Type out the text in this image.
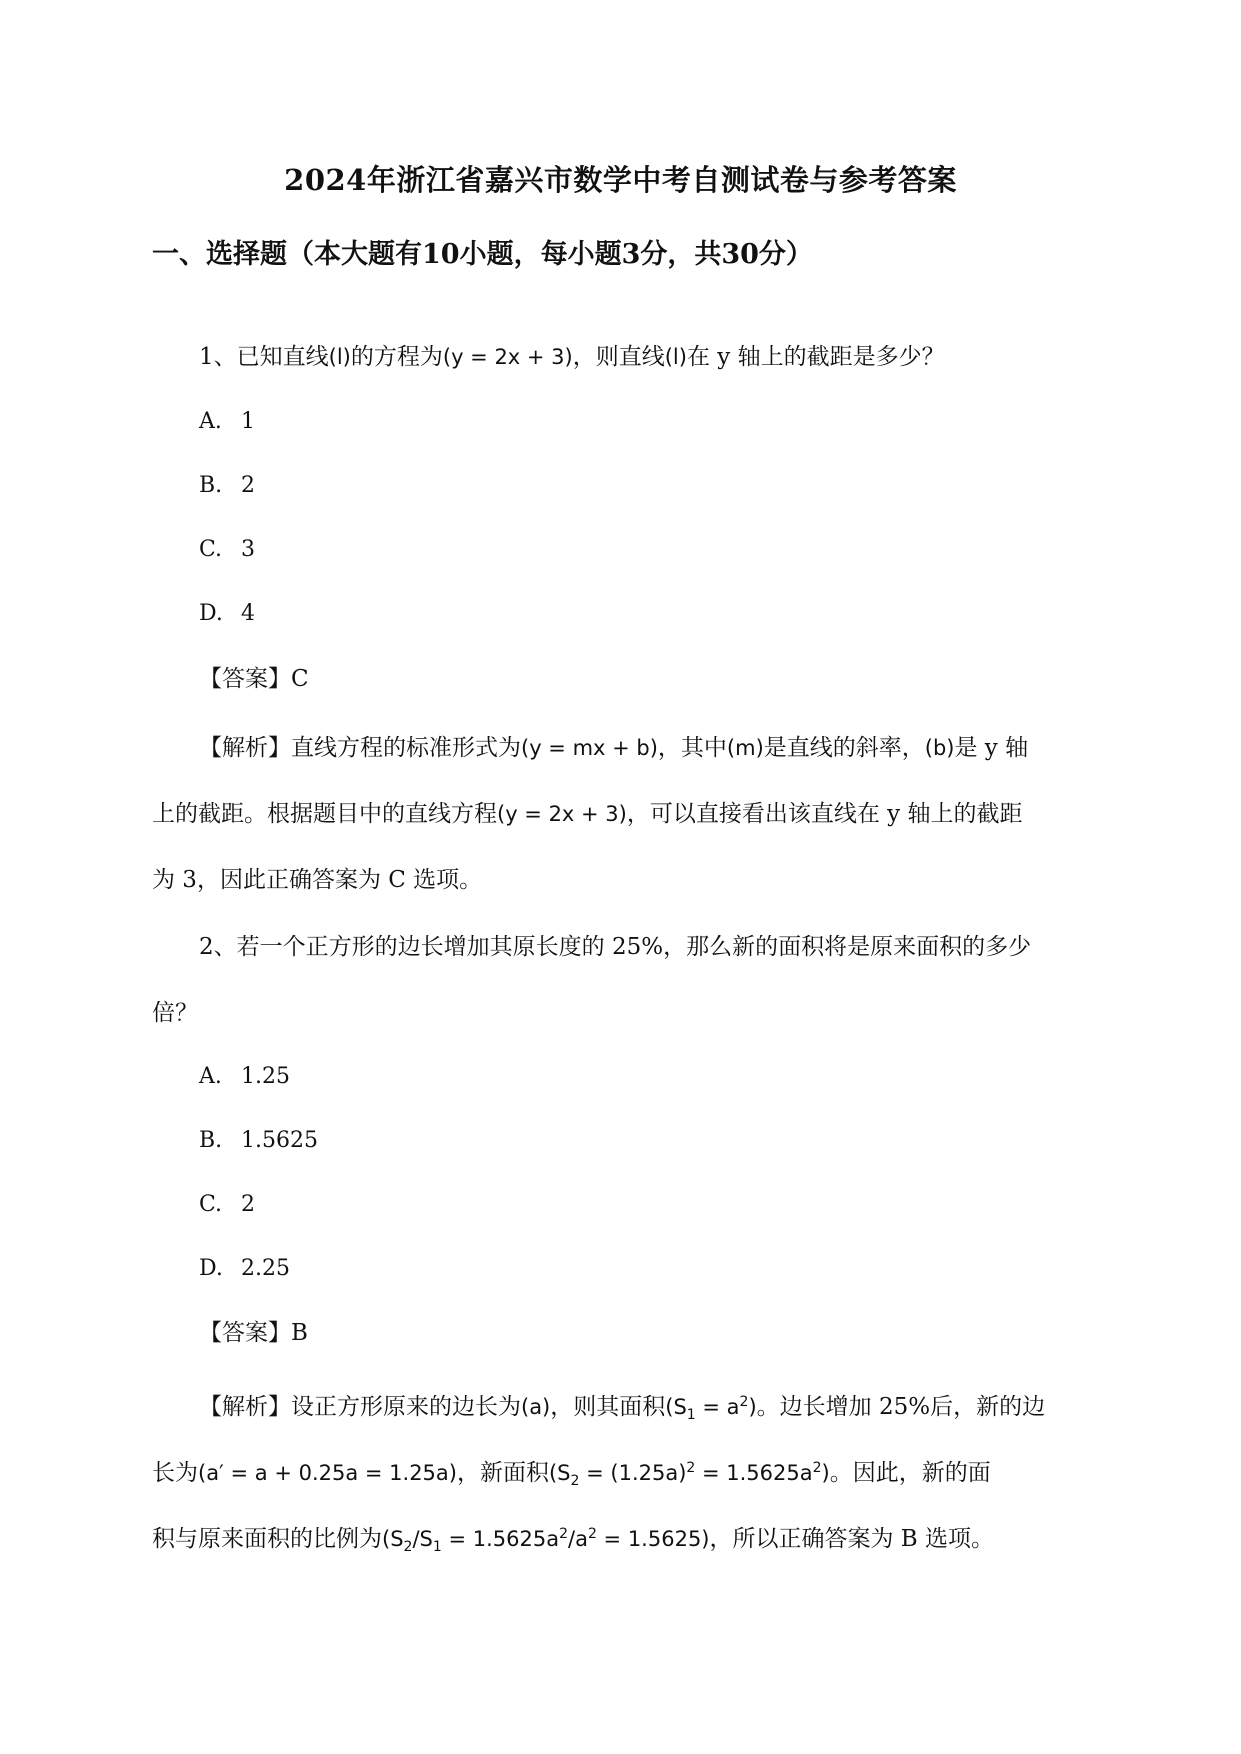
2024年浙江省嘉兴市数学中考自测试卷与参考答案
一、选择题（本大题有10小题，每小题3分，共30分）
1、已知直线(l)的方程为(y = 2x + 3)，则直线(l)在 y 轴上的截距是多少？
A. 1
B. 2
C. 3
D. 4
【答案】C
【解析】直线方程的标准形式为(y = mx + b)，其中(m)是直线的斜率，(b)是 y 轴
上的截距。根据题目中的直线方程(y = 2x + 3)，可以直接看出该直线在 y 轴上的截距
为 3，因此正确答案为 C 选项。
2、若一个正方形的边长增加其原长度的 25%，那么新的面积将是原来面积的多少
倍？
A. 1.25
B. 1.5625
C. 2
D. 2.25
【答案】B
【解析】设正方形原来的边长为(a)，则其面积$(S_1 = a^2)$。边长增加 25%后，新的边
长为(a′ = a + 0.25a = 1.25a)，新面积$(S_2 = (1.25a)^2 = 1.5625a^2)$。因此，新的面
积与原来面积的比例为$(S_2/S_1 = 1.5625a^2/a^2 = 1.5625)$，所以正确答案为 B 选项。
